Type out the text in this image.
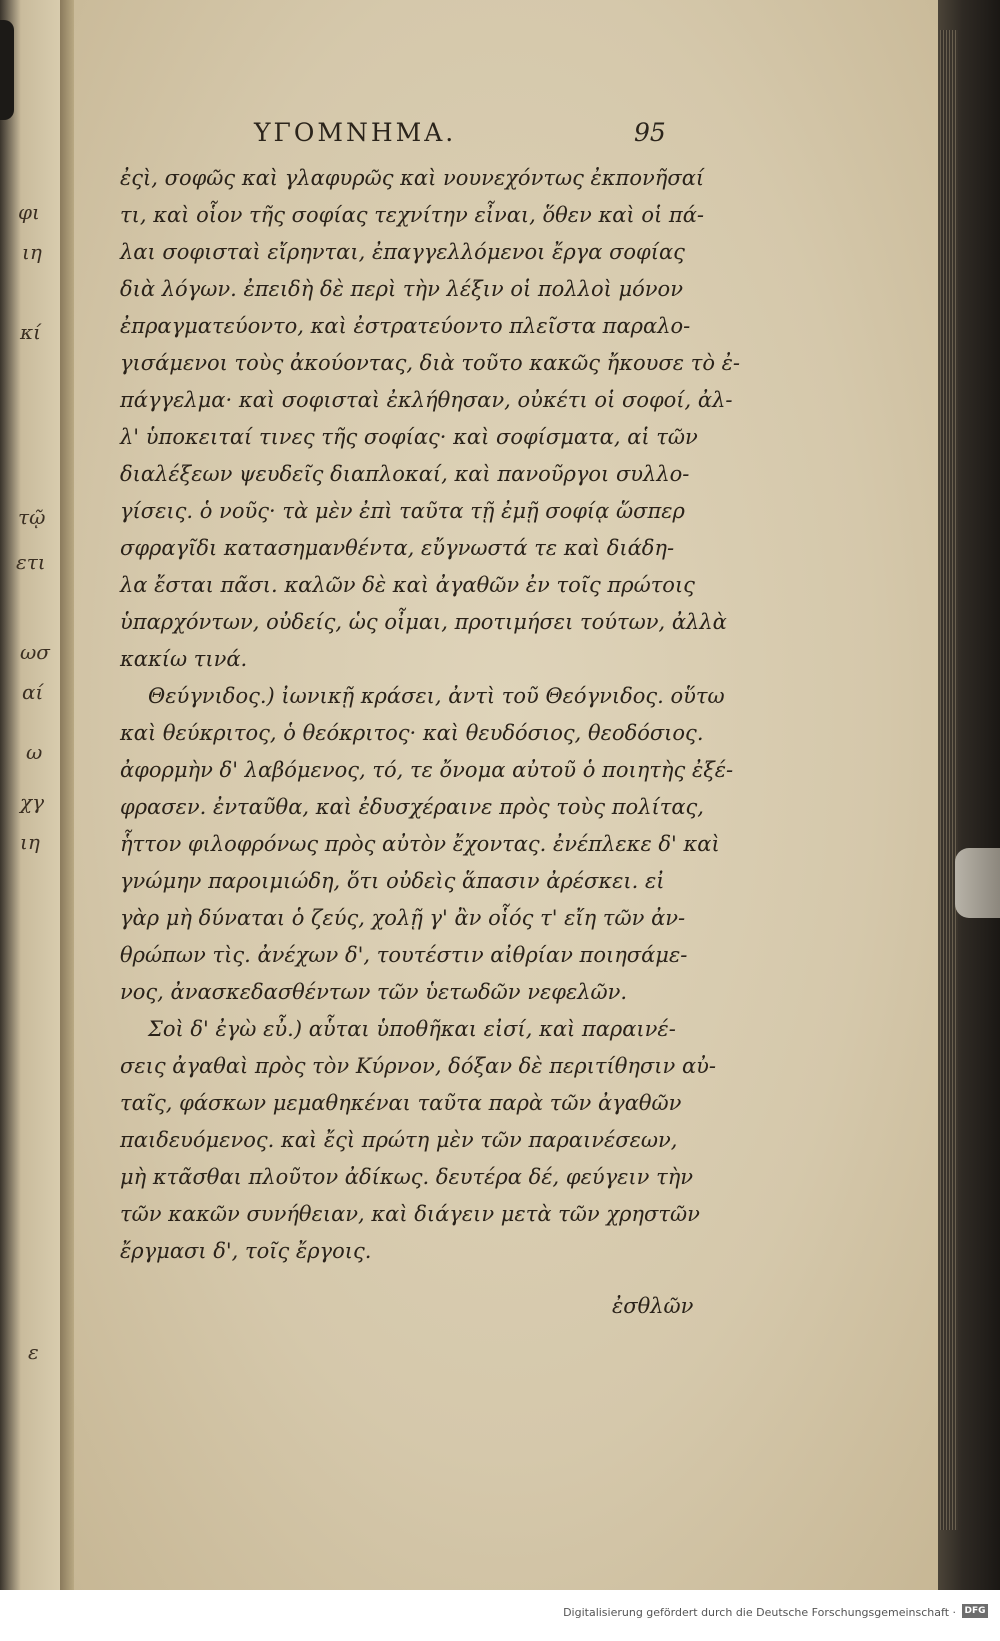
φι
ιη
κί
τῷ
ετι
ωσ
αί
ω
χγ
ιη
ε
ΥΓΟΜΝΗΜΑ.	95
ἐςὶ, σοφῶς καὶ γλαφυρῶς καὶ νουνεχόντως ἐκπονῆσαί
τι, καὶ οἷον τῆς σοφίας τεχνίτην εἶναι, ὅθεν καὶ οἱ πά-
λαι σοφισταὶ εἴρηνται, ἐπαγγελλόμενοι ἔργα σοφίας
διὰ λόγων. ἐπειδὴ δὲ περὶ τὴν λέξιν οἱ πολλοὶ μόνον
ἐπραγματεύοντο, καὶ ἐστρατεύοντο πλεῖστα παραλο-
γισάμενοι τοὺς ἀκούοντας, διὰ τοῦτο κακῶς ἤκουσε τὸ ἐ-
πάγγελμα· καὶ σοφισταὶ ἐκλήθησαν, οὐκέτι οἱ σοφοί, ἀλ-
λ' ὑποκειταί τινες τῆς σοφίας· καὶ σοφίσματα, αἱ τῶν
διαλέξεων ψευδεῖς διαπλοκαί, καὶ πανοῦργοι συλλο-
γίσεις. ὁ νοῦς· τὰ μὲν ἐπὶ ταῦτα τῇ ἐμῇ σοφίᾳ ὥσπερ
σφραγῖδι κατασημανθέντα, εὔγνωστά τε καὶ διάδη-
λα ἔσται πᾶσι. καλῶν δὲ καὶ ἀγαθῶν ἐν τοῖς πρώτοις
ὑπαρχόντων, οὐδείς, ὡς οἶμαι, προτιμήσει τούτων, ἀλλὰ
κακίω τινά.
Θεύγνιδος.) ἰωνικῇ κράσει, ἀντὶ τοῦ Θεόγνιδος. οὕτω
καὶ θεύκριτος, ὁ θεόκριτος· καὶ θευδόσιος, θεοδόσιος.
ἀφορμὴν δ' λαβόμενος, τό, τε ὄνομα αὐτοῦ ὁ ποιητὴς ἐξέ-
φρασεν. ἐνταῦθα, καὶ ἐδυσχέραινε πρὸς τοὺς πολίτας,
ἧττον φιλοφρόνως πρὸς αὐτὸν ἔχοντας. ἐνέπλεκε δ' καὶ
γνώμην παροιμιώδη, ὅτι οὐδεὶς ἅπασιν ἀρέσκει. εἰ
γὰρ μὴ δύναται ὁ ζεύς, χολῇ γ' ἂν οἷός τ' εἴη τῶν ἀν-
θρώπων τὶς. ἀνέχων δ', τουτέστιν αἰθρίαν ποιησάμε-
νος, ἀνασκεδασθέντων τῶν ὑετωδῶν νεφελῶν.
Σοὶ δ' ἐγὼ εὖ.) αὗται ὑποθῆκαι εἰσί, καὶ παραινέ-
σεις ἀγαθαὶ πρὸς τὸν Κύρνον, δόξαν δὲ περιτίθησιν αὐ-
ταῖς, φάσκων μεμαθηκέναι ταῦτα παρὰ τῶν ἀγαθῶν
παιδευόμενος. καὶ ἔςὶ πρώτη μὲν τῶν παραινέσεων,
μὴ κτᾶσθαι πλοῦτον ἀδίκως. δευτέρα δέ, φεύγειν τὴν
τῶν κακῶν συνήθειαν, καὶ διάγειν μετὰ τῶν χρηστῶν
ἔργμασι δ', τοῖς ἔργοις.
ἐσθλῶν
Digitalisierung gefördert durch die Deutsche Forschungsgemeinschaft · DFG
